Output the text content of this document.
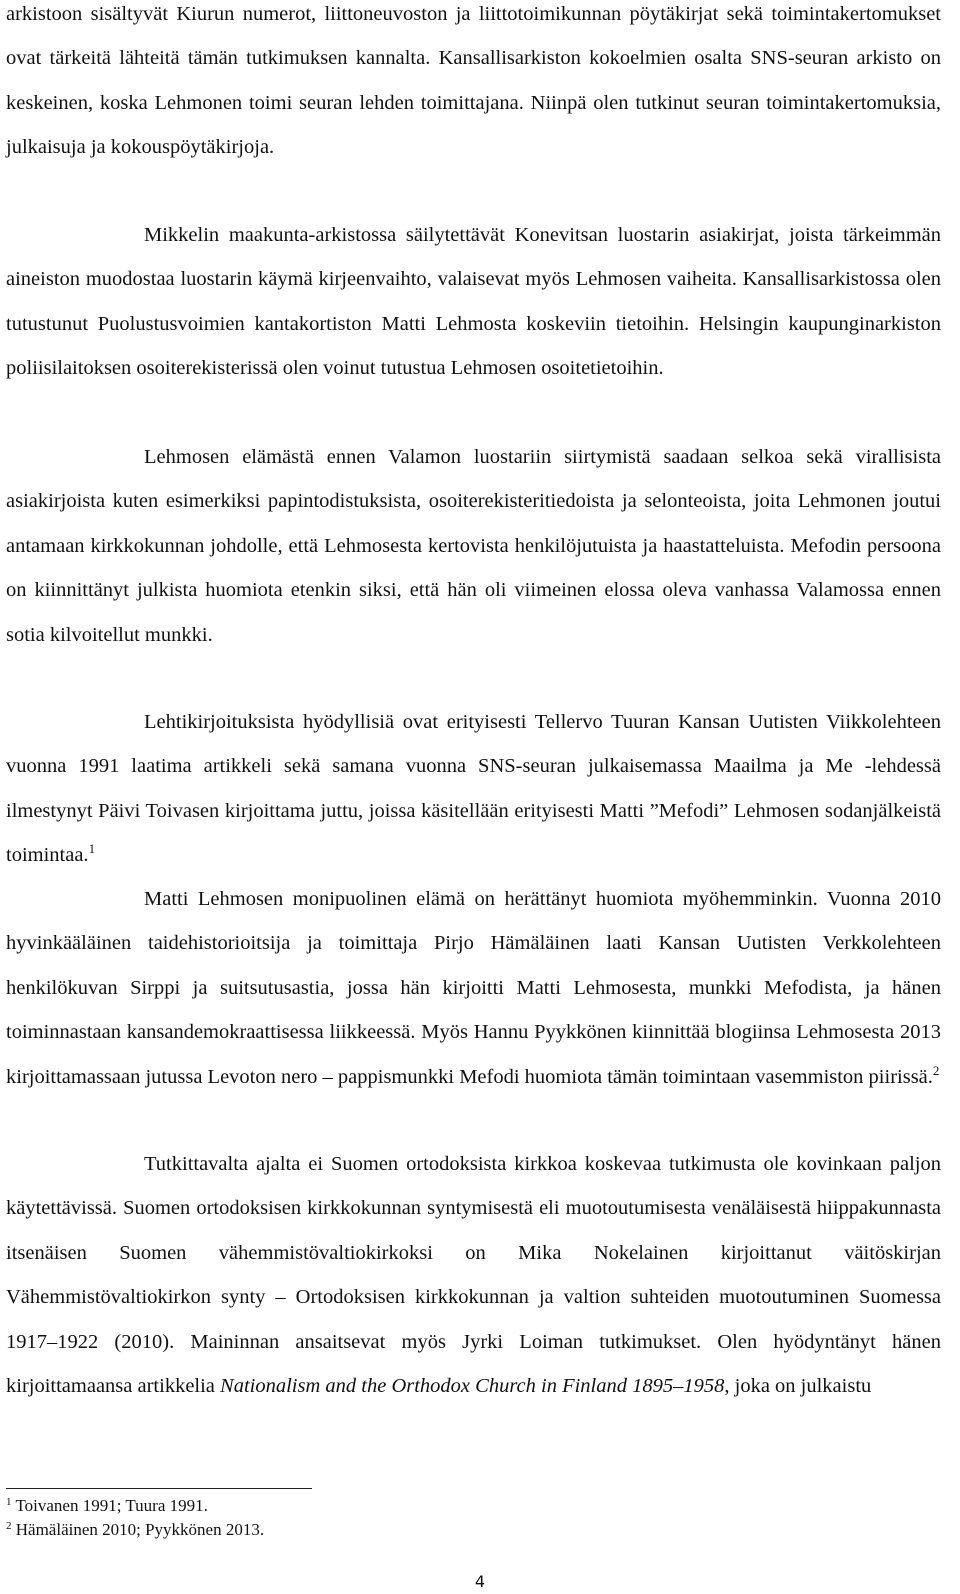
arkistoon sisältyvät Kiurun numerot, liittoneuvoston ja liittotoimikunnan pöytäkirjat sekä toimintakertomukset ovat tärkeitä lähteitä tämän tutkimuksen kannalta. Kansallisarkiston kokoelmien osalta SNS-seuran arkisto on keskeinen, koska Lehmonen toimi seuran lehden toimittajana. Niinpä olen tutkinut seuran toimintakertomuksia, julkaisuja ja kokouspöytäkirjoja.

Mikkelin maakunta-arkistossa säilytettävät Konevitsan luostarin asiakirjat, joista tärkeimmän aineiston muodostaa luostarin käymä kirjeenvaihto, valaisevat myös Lehmosen vaiheita. Kansallisarkistossa olen tutustunut Puolustusvoimien kantakortiston Matti Lehmosta koskeviin tietoihin. Helsingin kaupunginarkiston poliisilaitoksen osoiterekisterissä olen voinut tutustua Lehmosen osoitetietoihin.

Lehmosen elämästä ennen Valamon luostariin siirtymistä saadaan selkoa sekä virallisista asiakirjoista kuten esimerkiksi papintodistuksista, osoiterekisteritiedoista ja selonteoista, joita Lehmonen joutui antamaan kirkkokunnan johdolle, että Lehmosesta kertovista henkilöjutuista ja haastatteluista. Mefodin persoona on kiinnittänyt julkista huomiota etenkin siksi, että hän oli viimeinen elossa oleva vanhassa Valamossa ennen sotia kilvoitellut munkki.

Lehtikirjoituksista hyödyllisiä ovat erityisesti Tellervo Tuuran Kansan Uutisten Viikkolehteen vuonna 1991 laatima artikkeli sekä samana vuonna SNS-seuran julkaisemassa Maailma ja Me -lehdessä ilmestynyt Päivi Toivasen kirjoittama juttu, joissa käsitellään erityisesti Matti ”Mefodi” Lehmosen sodanjälkeistä toimintaa.$^1$

Matti Lehmosen monipuolinen elämä on herättänyt huomiota myöhemminkin. Vuonna 2010 hyvinkääläinen taidehistorioitsija ja toimittaja Pirjo Hämäläinen laati Kansan Uutisten Verkkolehteen henkilökuvan Sirppi ja suitsutusastia, jossa hän kirjoitti Matti Lehmosesta, munkki Mefodista, ja hänen toiminnastaan kansandemokraattisessa liikkeessä. Myös Hannu Pyykkönen kiinnittää blogiinsa Lehmosesta 2013 kirjoittamassaan jutussa Levoton nero – pappismunkki Mefodi huomiota tämän toimintaan vasemmiston piirissä.$^2$

Tutkittavalta ajalta ei Suomen ortodoksista kirkkoa koskevaa tutkimusta ole kovinkaan paljon käytettävissä. Suomen ortodoksisen kirkkokunnan syntymisestä eli muotoutumisesta venäläisestä hiippakunnasta itsenäisen Suomen vähemmistövaltiokirkoksi on Mika Nokelainen kirjoittanut väitöskirjan Vähemmistövaltiokirkon synty – Ortodoksisen kirkkokunnan ja valtion suhteiden muotoutuminen Suomessa 1917‒1922 (2010). Maininnan ansaitsevat myös Jyrki Loiman tutkimukset. Olen hyödyntänyt hänen kirjoittamaansa artikkelia Nationalism and the Orthodox Church in Finland 1895‒1958, joka on julkaistu

$^1$ Toivanen 1991; Tuura 1991.
$^2$ Hämäläinen 2010; Pyykkönen 2013.
4
